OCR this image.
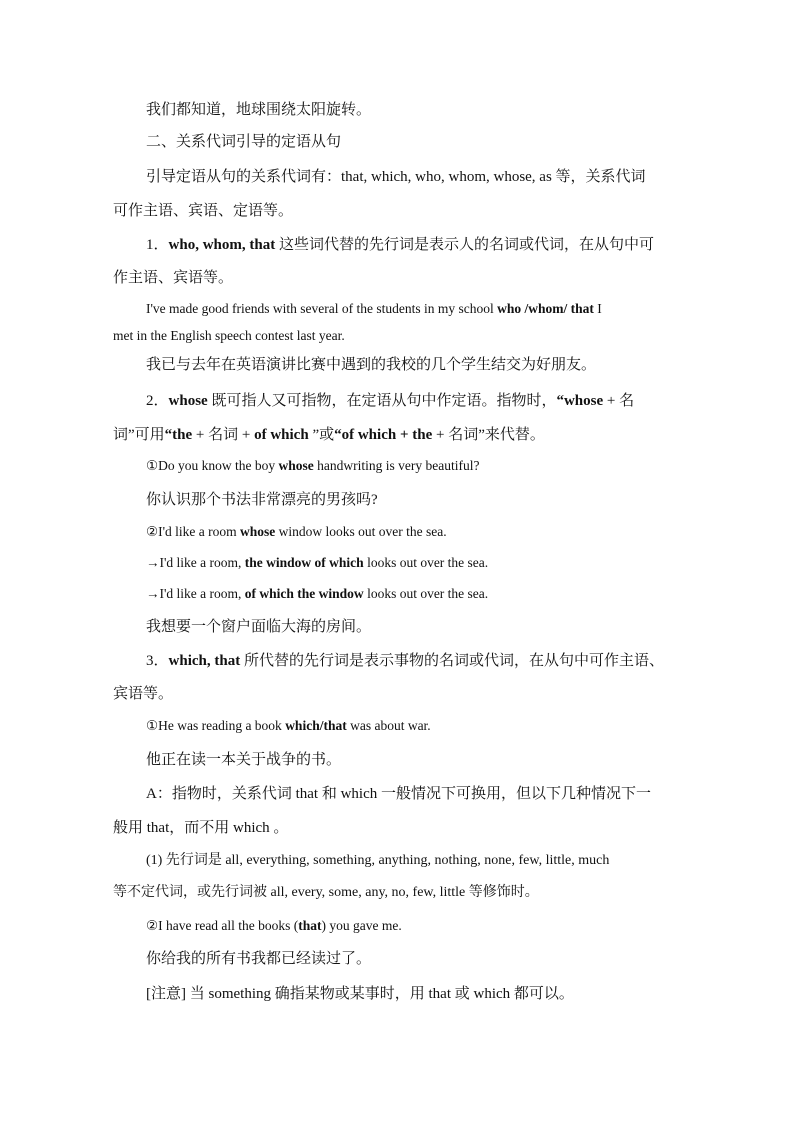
我们都知道，地球围绕太阳旋转。
二、关系代词引导的定语从句
引导定语从句的关系代词有：that, which, who, whom, whose, as 等，关系代词
可作主语、宾语、定语等。
1．who, whom, that 这些词代替的先行词是表示人的名词或代词，在从句中可
作主语、宾语等。
I've made good friends with several of the students in my school who /whom/ that I
met in the English speech contest last year.
我已与去年在英语演讲比赛中遇到的我校的几个学生结交为好朋友。
2．whose 既可指人又可指物，在定语从句中作定语。指物时，“whose + 名
词”可用“the + 名词 + of which ”或“of which + the + 名词”来代替。
①Do you know the boy whose handwriting is very beautiful?
你认识那个书法非常漂亮的男孩吗?
②I'd like a room whose window looks out over the sea.
→I'd like a room, the window of which looks out over the sea.
→I'd like a room, of which the window looks out over the sea.
我想要一个窗户面临大海的房间。
3．which, that 所代替的先行词是表示事物的名词或代词，在从句中可作主语、
宾语等。
①He was reading a book which/that was about war.
他正在读一本关于战争的书。
A：指物时，关系代词 that 和 which 一般情况下可换用，但以下几种情况下一
般用 that，而不用 which 。
(1) 先行词是 all, everything, something, anything, nothing, none, few, little, much
等不定代词，或先行词被 all, every, some, any, no, few, little 等修饰时。
②I have read all the books (that) you gave me.
你给我的所有书我都已经读过了。
[注意] 当 something 确指某物或某事时，用 that 或 which 都可以。
